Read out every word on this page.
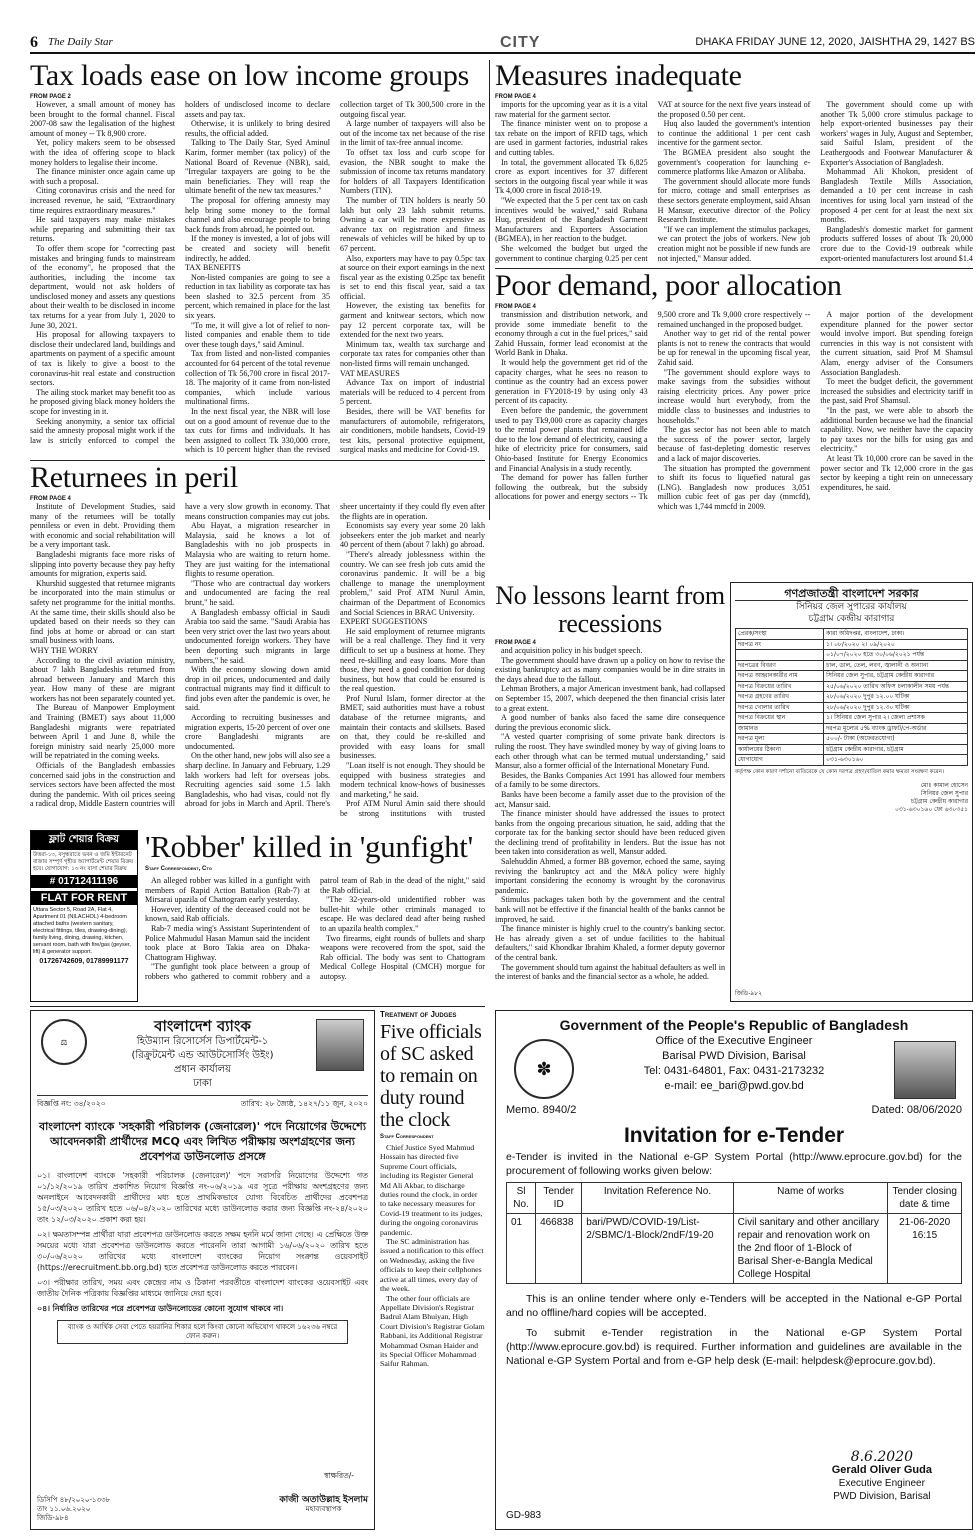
6 The Daily Star	CITY	DHAKA FRIDAY JUNE 12, 2020, JAISHTHA 29, 1427 BS
Tax loads ease on low income groups
FROM PAGE 2

However, a small amount of money has been brought to the formal channel. Fiscal 2007-08 saw the legalisation of the highest amount of money -- Tk 8,900 crore.

Yet, policy makers seem to be obsessed with the idea of offering scope to black money holders to legalise their income.

The finance minister once again came up with such a proposal.

Citing coronavirus crisis and the need for increased revenue, he said, "Extraordinary time requires extraordinary measures."

He said taxpayers may make mistakes while preparing and submitting their tax returns.

To offer them scope for "correcting past mistakes and bringing funds to mainstream of the economy", he proposed that the authorities, including the income tax department, would not ask holders of undisclosed money and assets any questions about their wealth to be disclosed in income tax returns for a year from July 1, 2020 to June 30, 2021.

His proposal for allowing taxpayers to disclose their undeclared land, buildings and apartments on payment of a specific amount of tax is likely to give a boost to the coronavirus-hit real estate and construction sectors.

The ailing stock market may benefit too as he proposed giving black money holders the scope for investing in it.

Seeking anonymity, a senior tax official said the amnesty proposal might work if the law is strictly enforced to compel the holders of undisclosed income to declare assets and pay tax.

Otherwise, it is unlikely to bring desired results, the official added.

Talking to The Daily Star, Syed Aminul Karim, former member (tax policy) of the National Board of Revenue (NBR), said, "Irregular taxpayers are going to be the main beneficiaries. They will reap the ultimate benefit of the new tax measures."

The proposal for offering amnesty may help bring some money to the formal channel and also encourage people to bring back funds from abroad, he pointed out.

If the money is invested, a lot of jobs will be created and society will benefit indirectly, he added.

TAX BENEFITS

Non-listed companies are going to see a reduction in tax liability as corporate tax has been slashed to 32.5 percent from 35 percent, which remained in place for the last six years.

"To me, it will give a lot of relief to non-listed companies and enable them to tide over these tough days," said Aminul.

Tax from listed and non-listed companies accounted for 64 percent of the total revenue collection of Tk 56,700 crore in fiscal 2017-18. The majority of it came from non-listed companies, which include various multinational firms.

In the next fiscal year, the NBR will lose out on a good amount of revenue due to the tax cuts for firms and individuals. It has been assigned to collect Tk 330,000 crore, which is 10 percent higher than the revised collection target of Tk 300,500 crore in the outgoing fiscal year.

A large number of taxpayers will also be out of the income tax net because of the rise in the limit of tax-free annual income.

To offset tax loss and curb scope for evasion, the NBR sought to make the submission of income tax returns mandatory for holders of all Taxpayers Identification Numbers (TIN).

The number of TIN holders is nearly 50 lakh but only 23 lakh submit returns. Owning a car will be more expensive as advance tax on registration and fitness renewals of vehicles will be hiked by up to 67 percent.

Also, exporters may have to pay 0.5pc tax at source on their export earnings in the next fiscal year as the existing 0.25pc tax benefit is set to end this fiscal year, said a tax official.

However, the existing tax benefits for garment and knitwear sectors, which now pay 12 percent corporate tax, will be extended for the next two years.

Minimum tax, wealth tax surcharge and corporate tax rates for companies other than non-listed firms will remain unchanged.

VAT MEASURES

Advance Tax on import of industrial materials will be reduced to 4 percent from 5 percent.

Besides, there will be VAT benefits for manufacturers of automobile, refrigerators, air conditioners, mobile handsets, Covid-19 test kits, personal protective equipment, surgical masks and medicine for Covid-19.

Measures inadequate
FROM PAGE 4

imports for the upcoming year as it is a vital raw material for the garment sector.

The finance minister went on to propose a tax rebate on the import of RFID tags, which are used in garment factories, industrial rakes and cutting tables.

In total, the government allocated Tk 6,825 crore as export incentives for 37 different sectors in the outgoing fiscal year while it was Tk 4,000 crore in fiscal 2018-19.

"We expected that the 5 per cent tax on cash incentives would be waived," said Rubana Huq, president of the Bangladesh Garment Manufacturers and Exporters Association (BGMEA), in her reaction to the budget.

She welcomed the budget but urged the government to continue charging 0.25 per cent VAT at source for the next five years instead of the proposed 0.50 per cent.

Huq also lauded the government's intention to continue the additional 1 per cent cash incentive for the garment sector.

The BGMEA president also sought the government's cooperation for launching e-commerce platforms like Amazon or Alibaba.

The government should allocate more funds for micro, cottage and small enterprises as these sectors generate employment, said Ahsan H Mansur, executive director of the Policy Research Institute.

"If we can implement the stimulus packages, we can protect the jobs of workers. New job creation might not be possible if new funds are not injected," Mansur added.

The government should come up with another Tk 5,000 crore stimulus package to help export-oriented businesses pay their workers' wages in July, August and September, said Saiful Islam, president of the Leathergoods and Footwear Manufacturer & Exporter's Association of Bangladesh.

Mohammad Ali Khokon, president of Bangladesh Textile Mills Association, demanded a 10 per cent increase in cash incentives for using local yarn instead of the proposed 4 per cent for at least the next six months.

Bangladesh's domestic market for garment products suffered losses of about Tk 20,000 crore due to the Covid-19 outbreak while export-oriented manufacturers lost around $1.4

Poor demand, poor allocation
FROM PAGE 4

transmission and distribution network, and provide some immediate benefit to the economy through a cut in the fuel prices," said Zahid Hussain, former lead economist at the World Bank in Dhaka.

It would help the government get rid of the capacity charges, what he sees no reason to continue as the country had an excess power generation in FY2018-19 by using only 43 percent of its capacity.

Even before the pandemic, the government used to pay Tk9,000 crore as capacity charges to the rental power plants that remained idle due to the low demand of electricity, causing a hike of electricity price for consumers, said Ohio-based Institute for Energy Economics and Financial Analysis in a study recently.

The demand for power has fallen further following the outbreak, but the subsidy allocations for power and energy sectors -- Tk 9,500 crore and Tk 9,000 crore respectively -- remained unchanged in the proposed budget.

Another way to get rid of the rental power plants is not to renew the contracts that would be up for renewal in the upcoming fiscal year, Zahid said.

"The government should explore ways to make savings from the subsidies without raising electricity prices. Any power price increase would hurt everybody, from the middle class to businesses and industries to households."

The gas sector has not been able to match the success of the power sector, largely because of fast-depleting domestic reserves and a lack of major discoveries.

The situation has prompted the government to shift its focus to liquefied natural gas (LNG). Bangladesh now produces 3,051 million cubic feet of gas per day (mmcfd), which was 1,744 mmcfd in 2009.

A major portion of the development expenditure planned for the power sector would involve import. But spending foreign currencies in this way is not consistent with the current situation, said Prof M Shamsul Alam, energy adviser of the Consumers Association Bangladesh.

To meet the budget deficit, the government increased the subsidies and electricity tariff in the past, said Prof Shamsul.

"In the past, we were able to absorb the additional burden because we had the financial capability. Now, we neither have the capacity to pay taxes nor the bills for using gas and electricity."

At least Tk 10,000 crore can be saved in the power sector and Tk 12,000 crore in the gas sector by keeping a tight rein on unnecessary expenditures, he said.

Returnees in peril
FROM PAGE 4

Institute of Development Studies, said many of the returnees will be totally penniless or even in debt. Providing them with economic and social rehabilitation will be a very important task.

Bangladeshi migrants face more risks of slipping into poverty because they pay hefty amounts for migration, experts said.

Khurshid suggested that returnee migrants be incorporated into the main stimulus or safety net programme for the initial months. At the same time, their skills should also be updated based on their needs so they can find jobs at home or abroad or can start small business with loans.

WHY THE WORRY

According to the civil aviation ministry, about 7 lakh Bangladeshis returned from abroad between January and March this year. How many of these are migrant workers has not been separately counted yet.

The Bureau of Manpower Employment and Training (BMET) says about 11,000 Bangladeshi migrants were repatriated between April 1 and June 8, while the foreign ministry said nearly 25,000 more will be repatriated in the coming weeks.

Officials of the Bangladesh embassies concerned said jobs in the construction and services sectors have been affected the most during the pandemic. With oil prices seeing a radical drop, Middle Eastern countries will have a very slow growth in economy. That means construction companies may cut jobs.

Abu Hayat, a migration researcher in Malaysia, said he knows a lot of Bangladeshis with no job prospects in Malaysia who are waiting to return home. They are just waiting for the international flights to resume operation.

"Those who are contractual day workers and undocumented are facing the real brunt," he said.

A Bangladesh embassy official in Saudi Arabia too said the same. "Saudi Arabia has been very strict over the last two years about undocumented foreign workers. They have been deporting such migrants in large numbers," he said.

With the economy slowing down amid drop in oil prices, undocumented and daily contractual migrants may find it difficult to find jobs even after the pandemic is over, he said.

According to recruiting businesses and migration experts, 15-20 percent of over one crore Bangladeshi migrants are undocumented.

On the other hand, new jobs will also see a sharp decline. In January and February, 1.29 lakh workers had left for overseas jobs. Recruiting agencies said some 1.5 lakh Bangladeshis, who had visas, could not fly abroad for jobs in March and April. There's sheer uncertainty if they could fly even after the flights are in operation.

Economists say every year some 20 lakh jobseekers enter the job market and nearly 40 percent of them (about 7 lakh) go abroad.

"There's already joblessness within the country. We can see fresh job cuts amid the coronavirus pandemic. It will be a big challenge to manage the unemployment problem," said Prof ATM Nurul Amin, chairman of the Department of Economics and Social Sciences in BRAC University.

EXPERT SUGGESTIONS

He said employment of returnee migrants will be a real challenge. They find it very difficult to set up a business at home. They need re-skilling and easy loans. More than those, they need a good condition for doing business, but how that could be ensured is the real question.

Prof Nurul Islam, former director at the BMET, said authorities must have a robust database of the returnee migrants, and maintain their contacts and skillsets. Based on that, they could be re-skilled and provided with easy loans for small businesses.

"Loan itself is not enough. They should be equipped with business strategies and modern technical know-hows of businesses and marketing," he said.

Prof ATM Nurul Amin said there should be strong institutions with trusted

No lessons learnt from recessions
FROM PAGE 4

and acquisition policy in his budget speech.

The government should have drawn up a policy on how to revise the existing bankruptcy act as many companies would be in dire straits in the days ahead due to the fallout.

Lehman Brothers, a major American investment bank, had collapsed on September 15, 2007, which deepened the then financial crisis later to a great extent.

A good number of banks also faced the same dire consequence during the previous economic slick.

"A vested quarter comprising of some private bank directors is ruling the roost. They have swindled money by way of giving loans to each other through what can be termed mutual understanding," said Mansur, also a former official of the International Monetary Fund.

Besides, the Banks Companies Act 1991 has allowed four members of a family to be some directors.

Banks have been become a family asset due to the provision of the act, Mansur said.

The finance minister should have addressed the issues to protect banks from the ongoing precarious situation, he said, adding that the corporate tax for the banking sector should have been reduced given the declining trend of profitability in lenders. But the issue has not been taken into consideration as well, Mansur added.

Salehuddin Ahmed, a former BB governor, echoed the same, saying reviving the bankruptcy act and the M&A policy were highly important considering the economy is wrought by the coronavirus pandemic.

Stimulus packages taken both by the government and the central bank will not be effective if the financial health of the banks cannot be improved, he said.

The finance minister is highly cruel to the country's banking sector. He has already given a set of undue facilities to the habitual defaulters," said Khondkar Ibrahim Khaled, a former deputy governor of the central bank.

The government should turn against the habitual defaulters as well in the interest of banks and the financial sector as a whole, he added.

গণপ্রজাতন্ত্রী বাংলাদেশ সরকার
সিনিয়র জেল সুপারের কার্যালয়
চট্টগ্রাম কেন্দ্রীয় কারাগার
প্রেরক/সংস্থা	কারা অধিদপ্তর, বাংলাদেশ, ঢাকা।
দরপত্র নং	১। ০৮/২০২০ ২। ০৯/২০২০
	০১/০৭/২০২০ হতে ৩০/০৬/২০২১ পর্যন্ত
দরপত্রের বিবরণ	চাল, ডাল, তেল, লবণ, জ্বালানী ও অন্যান্য
দরপত্র আহ্বানকারীর নাম	সিনিয়র জেল সুপার, চট্টগ্রাম কেন্দ্রীয় কারাগার
দরপত্র বিক্রয়ের তারিখ	২৫/০৬/২০২০ তারিখ অফিস চলাকালীন সময় পর্যন্ত
দরপত্র গ্রহণের তারিখ	২৮/০৬/২০২০ দুপুর ১২.০০ ঘটিকা
দরপত্র খোলার তারিখ	২৮/০৬/২০২০ দুপুর ১২.৩০ ঘটিকা
দরপত্র বিক্রয়ের স্থান	১। সিনিয়র জেল সুপার ২। জেলা প্রশাসক
জামানত	দরপত্র মূল্যের ৫% ব্যাংক ড্রাফট/পে-অর্ডার
দরপত্র মূল্য	৫০০/- টাকা (অফেরতযোগ্য)
কার্যালয়ের ঠিকানা	চট্টগ্রাম কেন্দ্রীয় কারাগার, চট্টগ্রাম
যোগাযোগ	০৩১-৬৩০১৬০
কর্তৃপক্ষ কোন কারণ দর্শানো ব্যতিরেকে যে কোন দরপত্র গ্রহণ/বাতিল করার ক্ষমতা সংরক্ষণ করেন।
মোঃ কামাল হোসেন
সিনিয়র জেল সুপার
চট্টগ্রাম কেন্দ্রীয় কারাগার
০৩১-৬৩০১৬০ ফো ৬৩০৩৫১
জিডি-৯৮২
ফ্লাট শেয়ার বিক্রয়
উত্তরা-১৩, বসুন্ধরাতে ভবন ও জমি ইন্টারনেট বাজার সম্পূর্ণ গৃহীত অ্যাপার্টমেন্ট শেয়ার বিক্রয় হবে। যোগাযোগ: ১৩ নং বাসা শেয়ার বিক্রয়
# 01712411196
FLAT FOR RENT
Uttara Sector 5, Road 2A, Flat 4, Apartment 01 (NILACHOL) 4-bedroom attached baths (western sanitary, electrical fittings, tiles, drawing-dining), family living, dining, drawing, kitchen, servant room, bath with fire/gas (geyser, lift) & generator support.
01726742609, 01789991177
'Robber' killed in 'gunfight'
Staff Correspondent, Ctg

An alleged robber was killed in a gunfight with members of Rapid Action Battalion (Rab-7) at Mirsarai upazila of Chattogram early yesterday.

However, identity of the deceased could not be known, said Rab officials.

Rab-7 media wing's Assistant Superintendent of Police Mahmudul Hasan Mamun said the incident took place at Boro Takia area on Dhaka-Chattogram Highway.

"The gunfight took place between a group of robbers who gathered to commit robbery and a patrol team of Rab in the dead of the night," said the Rab official.

"The 32-years-old unidentified robber was bullet-hit while other criminals managed to escape. He was declared dead after being rushed to an upazila health complex."

Two firearms, eight rounds of bullets and sharp weapons were recovered from the spot, said the Rab official. The body was sent to Chattogram Medical College Hospital (CMCH) morgue for autopsy.

⚖
বাংলাদেশ ব্যাংক
হিউম্যান রিসোর্সেস ডিপার্টমেন্ট-১
(রিক্রুটমেন্ট এন্ড আউটসোর্সিং উইং)
প্রধান কার্যালয়
ঢাকা
বিজ্ঞপ্তি নং: ৩৪/২০২০	তারিখ: ২৮ জ্যৈষ্ঠ, ১৪২৭/১১ জুন, ২০২০
বাংলাদেশ ব্যাংকে 'সহকারী পরিচালক (জেনারেল)' পদে নিয়োগের উদ্দেশ্যে আবেদনকারী প্রার্থীদের MCQ এবং লিখিত পরীক্ষায় অংশগ্রহণের জন্য প্রবেশপত্র ডাউনলোড প্রসঙ্গে
০১। বাংলাদেশ ব্যাংকে 'সহকারী পরিচালক (জেনারেল)' পদে সরাসরি নিয়োগের উদ্দেশ্যে গত ০১/১২/২০১৯ তারিখ প্রকাশিত নিয়োগ বিজ্ঞপ্তি নং-০৬/২০১৯ এর সূত্রে পরীক্ষায় অংশগ্রহণের জন্য অনলাইনে আবেদনকারী প্রার্থীদের মধ্য হতে প্রাথমিকভাবে যোগ্য বিবেচিত প্রার্থীদের প্রবেশপত্র ১৫/০৩/২০২০ তারিখ হতে ০৬/০৪/২০২০ তারিখের মধ্যে ডাউনলোড করার জন্য বিজ্ঞপ্তি নং-২৪/২০২০ তাং ১২/০৩/২০২০ প্রকাশ করা হয়।
০২। ক্ষমতাসম্পন্ন প্রার্থীরা যারা প্রবেশপত্র ডাউনলোড করতে সক্ষম হননি মর্মে জানা গেছে। এ প্রেক্ষিতে উক্ত সময়ের মধ্যে যারা প্রবেশপত্র ডাউনলোড করতে পারেননি তারা আগামী ১৬/০৬/২০২০ তারিখ হতে ৩০/০৬/২০২০ তারিখের মধ্যে বাংলাদেশ ব্যাংকের নিয়োগ সংক্রান্ত ওয়েবসাইট (https://erecruitment.bb.org.bd) হতে প্রবেশপত্র ডাউনলোড করতে পারবেন।
০৩। পরীক্ষার তারিখ, সময় এবং কেন্দ্রের নাম ও ঠিকানা পরবর্তীতে বাংলাদেশ ব্যাংকের ওয়েবসাইট এবং জাতীয় দৈনিক পত্রিকায় বিজ্ঞপ্তির মাধ্যমে জানিয়ে দেয়া হবে।
০৪। নির্ধারিত তারিখের পরে প্রবেশপত্র ডাউনলোডের কোনো সুযোগ থাকবে না।
ব্যাংক ও আর্থিক সেবা পেতে হয়রানির শিকার হলে কিংবা কোনো অভিযোগ থাকলে ১৬২৩৬ নম্বরে ফোন করুন।
স্বাক্ষরিত/-
ডিসিপি ৪৮/২০২০-১৩৩৮
তাং ১১.০৬.২০২০
জিডি-৯৮৪
কাজী অতাউল্লাহ ইসলাম
মহাব্যবস্থাপক
Treatment of Judges
Five officials of SC asked to remain on duty round the clock
Staff Correspondent

Chief Justice Syed Mahmud Hossain has directed five Supreme Court officials, including its Register General Md Ali Akbar, to discharge duties round the clock, in order to take necessary measures for Covid-19 treatment to its judges, during the ongoing coronavirus pandemic.

The SC administration has issued a notification to this effect on Wednesday, asking the five officials to keep their cellphones active at all times, every day of the week.

The other four officials are Appellate Division's Registrar Badrul Alam Bhuiyan, High Court Division's Registrar Golam Rabbani, its Additional Registrar Mohammad Osman Haider and its Special Officer Mohammad Saifur Rahman.

Government of the People's Republic of Bangladesh
Office of the Executive Engineer
Barisal PWD Division, Barisal
Tel: 0431-64801, Fax: 0431-2173232
e-mail: ee_bari@pwd.gov.bd
✽
Memo. 8940/2	Dated: 08/06/2020
Invitation for e-Tender
e-Tender is invited in the National e-GP System Portal (http://www.eprocure.gov.bd) for the procurement of following works given below:
Sl No.	Tender ID	Invitation Reference No.	Name of works	Tender closing date & time
01	466838	bari/PWD/COVID-19/List-2/SBMC/1-Block/2ndF/19-20	Civil sanitary and other ancillary repair and renovation work on the 2nd floor of 1-Block of Barisal Sher-e-Bangla Medical College Hospital	21-06-2020 16:15
This is an online tender where only e-Tenders will be accepted in the National e-GP Portal and no offline/hard copies will be accepted.
To submit e-Tender registration in the National e-GP System Portal (http://www.eprocure.gov.bd) is required. Further information and guidelines are available in the National e-GP System Portal and from e-GP help desk (E-mail: helpdesk@eprocure.gov.bd).
8.6.2020
Gerald Oliver Guda
Executive Engineer
PWD Division, Barisal
GD-983
